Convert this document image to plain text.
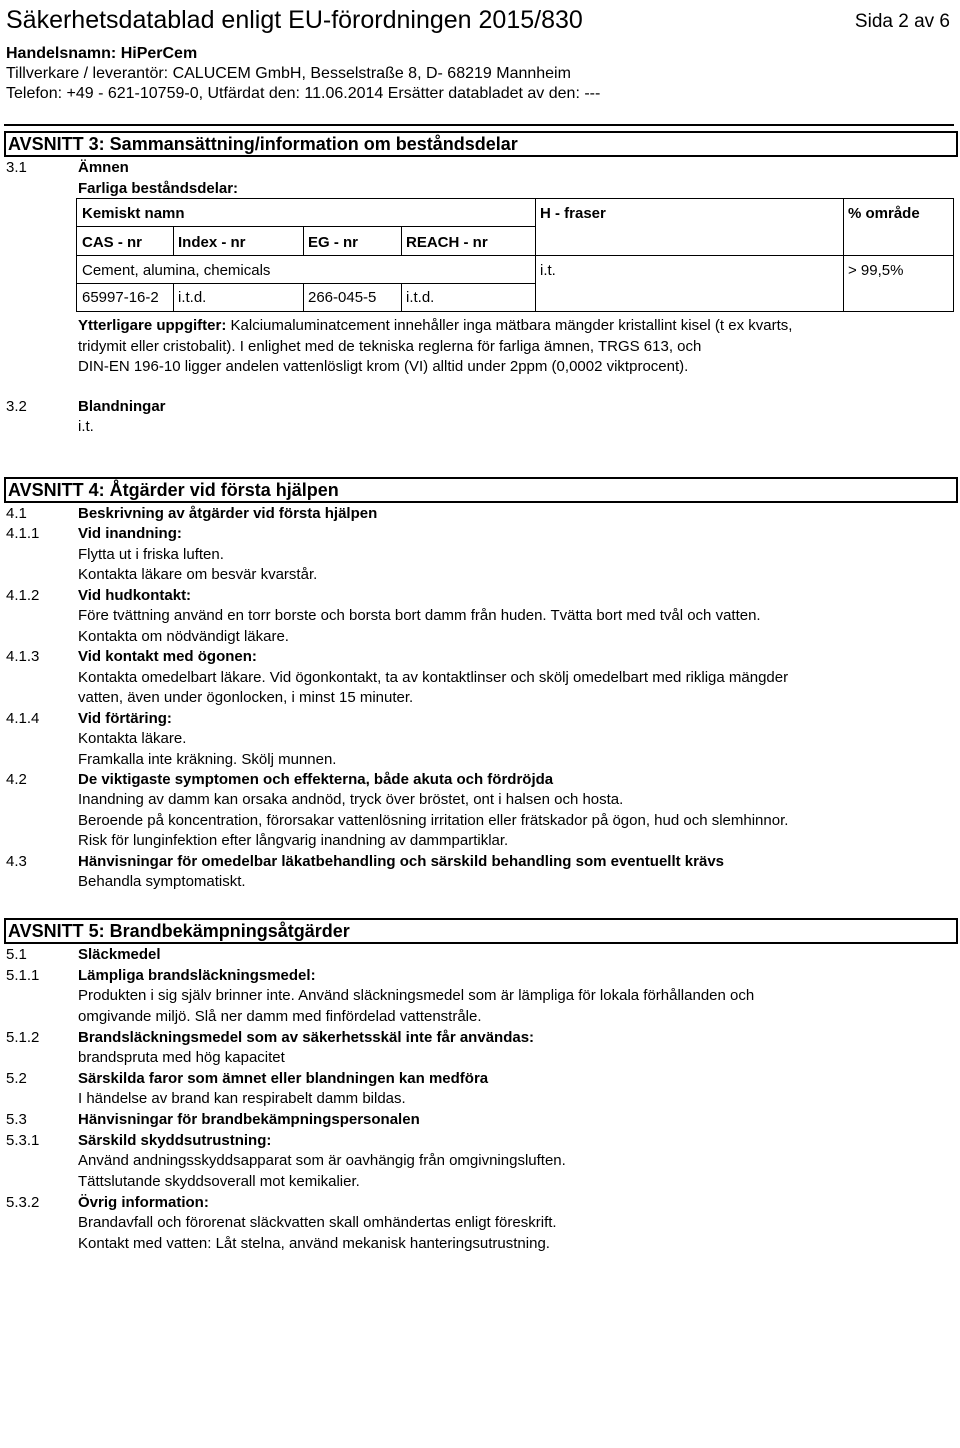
Säkerhetsdatablad enligt EU-förordningen 2015/830	Sida 2 av 6
Handelsnamn: HiPerCem
Tillverkare / leverantör: CALUCEM GmbH, Besselstraße 8, D- 68219 Mannheim
Telefon: +49 - 621-10759-0, Utfärdat den: 11.06.2014 Ersätter databladet av den: ---
AVSNITT 3: Sammansättning/information om beståndsdelar
3.1	Ämnen
Farliga beståndsdelar:
Kemiskt namn	H - fraser	% område
CAS - nr Index - nr	EG - nr	REACH - nr
Cement, alumina, chemicals	i.t.	> 99,5%
65997-16-2 i.t.d.	266-045-5 i.t.d.
Ytterligare uppgifter: Kalciumaluminatcement innehåller inga mätbara mängder kristallint kisel (t ex kvarts,
tridymit eller cristobalit). I enlighet med de tekniska reglerna för farliga ämnen, TRGS 613, och
DIN-EN 196-10 ligger andelen vattenlösligt krom (VI) alltid under 2ppm (0,0002 viktprocent).
3.2	Blandningar
i.t.
AVSNITT 4: Åtgärder vid första hjälpen
4.1	Beskrivning av åtgärder vid första hjälpen
4.1.1	Vid inandning:
Flytta ut i friska luften.
Kontakta läkare om besvär kvarstår.
4.1.2	Vid hudkontakt:
Före tvättning använd en torr borste och borsta bort damm från huden. Tvätta bort med tvål och vatten.
Kontakta om nödvändigt läkare.
4.1.3	Vid kontakt med ögonen:
Kontakta omedelbart läkare. Vid ögonkontakt, ta av kontaktlinser och skölj omedelbart med rikliga mängder
vatten, även under ögonlocken, i minst 15 minuter.
4.1.4	Vid förtäring:
Kontakta läkare.
Framkalla inte kräkning. Skölj munnen.
4.2	De viktigaste symptomen och effekterna, både akuta och fördröjda
Inandning av damm kan orsaka andnöd, tryck över bröstet, ont i halsen och hosta.
Beroende på koncentration, förorsakar vattenlösning irritation eller frätskador på ögon, hud och slemhinnor.
Risk för lunginfektion efter långvarig inandning av dammpartiklar.
4.3	Hänvisningar för omedelbar läkatbehandling och särskild behandling som eventuellt krävs
Behandla symptomatiskt.
AVSNITT 5: Brandbekämpningsåtgärder
5.1	Släckmedel
5.1.1	Lämpliga brandsläckningsmedel:
Produkten i sig själv brinner inte. Använd släckningsmedel som är lämpliga för lokala förhållanden och
omgivande miljö. Slå ner damm med finfördelad vattenstråle.
5.1.2	Brandsläckningsmedel som av säkerhetsskäl inte får användas:
brandspruta med hög kapacitet
5.2	Särskilda faror som ämnet eller blandningen kan medföra
I händelse av brand kan respirabelt damm bildas.
5.3	Hänvisningar för brandbekämpningspersonalen
5.3.1	Särskild skyddsutrustning:
Använd andningsskyddsapparat som är oavhängig från omgivningsluften.
Tättslutande skyddsoverall mot kemikalier.
5.3.2	Övrig information:
Brandavfall och förorenat släckvatten skall omhändertas enligt föreskrift.
Kontakt med vatten: Låt stelna, använd mekanisk hanteringsutrustning.
